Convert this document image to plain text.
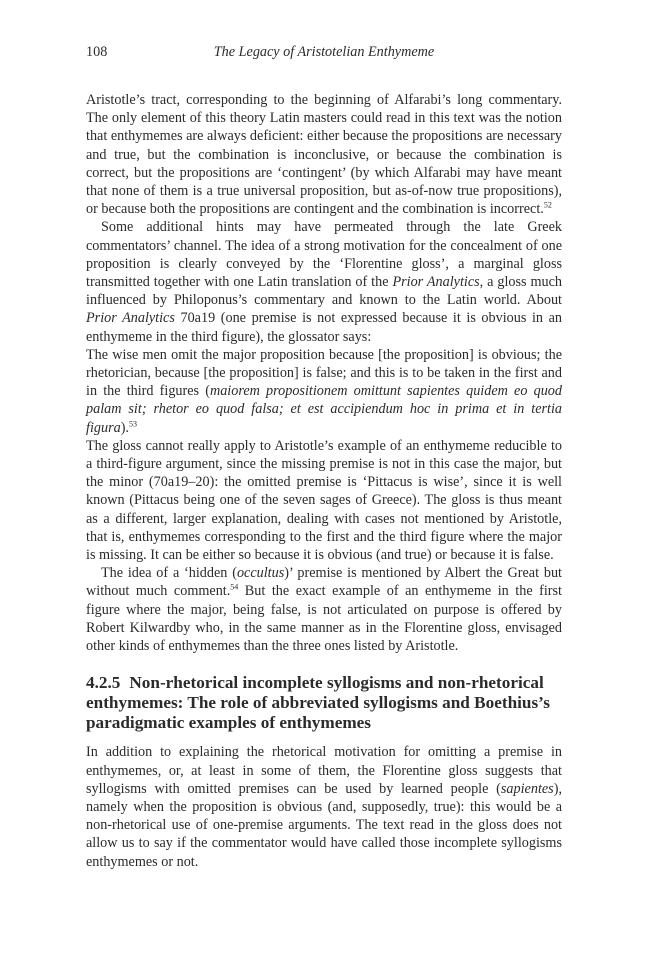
108	The Legacy of Aristotelian Enthymeme

Aristotle’s tract, corresponding to the beginning of Alfarabi’s long commentary. The only element of this theory Latin masters could read in this text was the notion that enthymemes are always deficient: either because the propositions are necessary and true, but the combination is inconclusive, or because the combination is correct, but the propositions are ‘contingent’ (by which Alfarabi may have meant that none of them is a true universal proposition, but as-of-now true propositions), or because both the propositions are contingent and the combination is incorrect.$^{52}$

Some additional hints may have permeated through the late Greek commentators’ channel. The idea of a strong motivation for the concealment of one proposition is clearly conveyed by the ‘Florentine gloss’, a marginal gloss transmitted together with one Latin translation of the Prior Analytics, a gloss much influenced by Philoponus’s commentary and known to the Latin world. About Prior Analytics 70a19 (one premise is not expressed because it is obvious in an enthymeme in the third figure), the glossator says:

The wise men omit the major proposition because [the proposition] is obvious; the rhetorician, because [the proposition] is false; and this is to be taken in the first and in the third figures (maiorem propositionem omittunt sapientes quidem eo quod palam sit; rhetor eo quod falsa; et est accipiendum hoc in prima et in tertia figura).$^{53}$

The gloss cannot really apply to Aristotle’s example of an enthymeme reducible to a third-figure argument, since the missing premise is not in this case the major, but the minor (70a19–20): the omitted premise is ‘Pittacus is wise’, since it is well known (Pittacus being one of the seven sages of Greece). The gloss is thus meant as a different, larger explanation, dealing with cases not mentioned by Aristotle, that is, enthymemes corresponding to the first and the third figure where the major is missing. It can be either so because it is obvious (and true) or because it is false.

The idea of a ‘hidden (occultus)’ premise is mentioned by Albert the Great but without much comment.$^{54}$ But the exact example of an enthymeme in the first figure where the major, being false, is not articulated on purpose is offered by Robert Kilwardby who, in the same manner as in the Florentine gloss, envisaged other kinds of enthymemes than the three ones listed by Aristotle.

4.2.5 Non-rhetorical incomplete syllogisms and non-rhetorical enthymemes: The role of abbreviated syllogisms and Boethius’s paradigmatic examples of enthymemes

In addition to explaining the rhetorical motivation for omitting a premise in enthymemes, or, at least in some of them, the Florentine gloss suggests that syllogisms with omitted premises can be used by learned people (sapientes), namely when the proposition is obvious (and, supposedly, true): this would be a non-rhetorical use of one-premise arguments. The text read in the gloss does not allow us to say if the commentator would have called those incomplete syllogisms enthymemes or not.
